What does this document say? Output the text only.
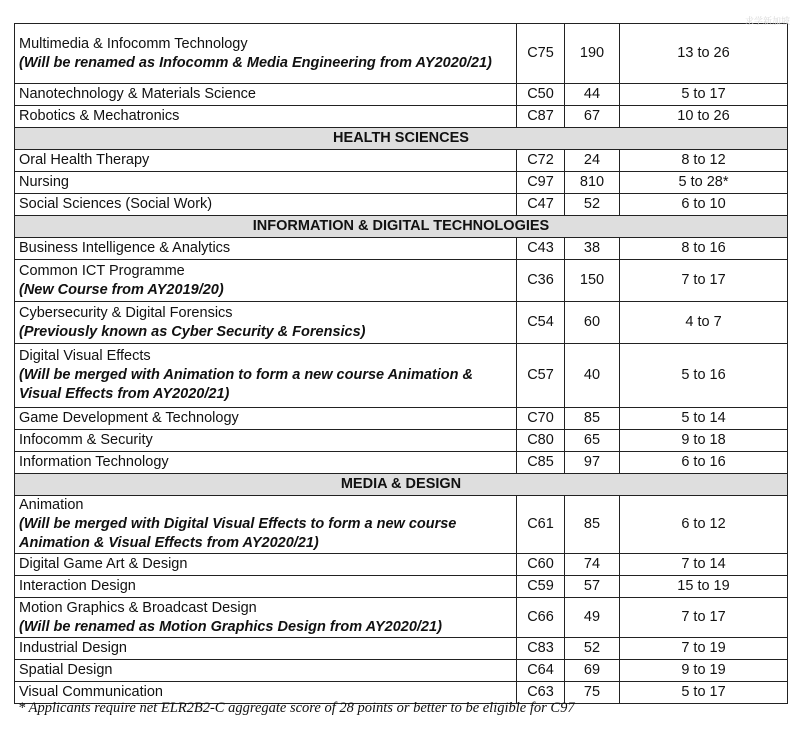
Multimedia & Infocomm Technology
(Will be renamed as Infocomm & Media Engineering from AY2020/21)	C75	190	13 to 26

Nanotechnology & Materials Science	C50	44	5 to 17

Robotics & Mechatronics	C87	67	10 to 26
HEALTH SCIENCES			

Oral Health Therapy	C72	24	8 to 12

Nursing	C97	810	5 to 28*

Social Sciences (Social Work)	C47	52	6 to 10
INFORMATION & DIGITAL TECHNOLOGIES			

Business Intelligence & Analytics	C43	38	8 to 16

Common ICT Programme
(New Course from AY2019/20)	C36	150	7 to 17

Cybersecurity & Digital Forensics
(Previously known as Cyber Security & Forensics)	C54	60	4 to 7

Digital Visual Effects
(Will be merged with Animation to form a new course Animation & Visual Effects from AY2020/21)	C57	40	5 to 16

Game Development & Technology	C70	85	5 to 14

Infocomm & Security	C80	65	9 to 18

Information Technology	C85	97	6 to 16
MEDIA & DESIGN			

Animation
(Will be merged with Digital Visual Effects to form a new course Animation & Visual Effects from AY2020/21)	C61	85	6 to 12

Digital Game Art & Design	C60	74	7 to 14

Interaction Design	C59	57	15 to 19

Motion Graphics & Broadcast Design
(Will be renamed as Motion Graphics Design from AY2020/21)	C66	49	7 to 17

Industrial Design	C83	52	7 to 19

Spatial Design	C64	69	9 to 19

Visual Communication	C63	75	5 to 17
* Applicants require net ELR2B2-C aggregate score of 28 points or better to be eligible for C97
求学新加坡
